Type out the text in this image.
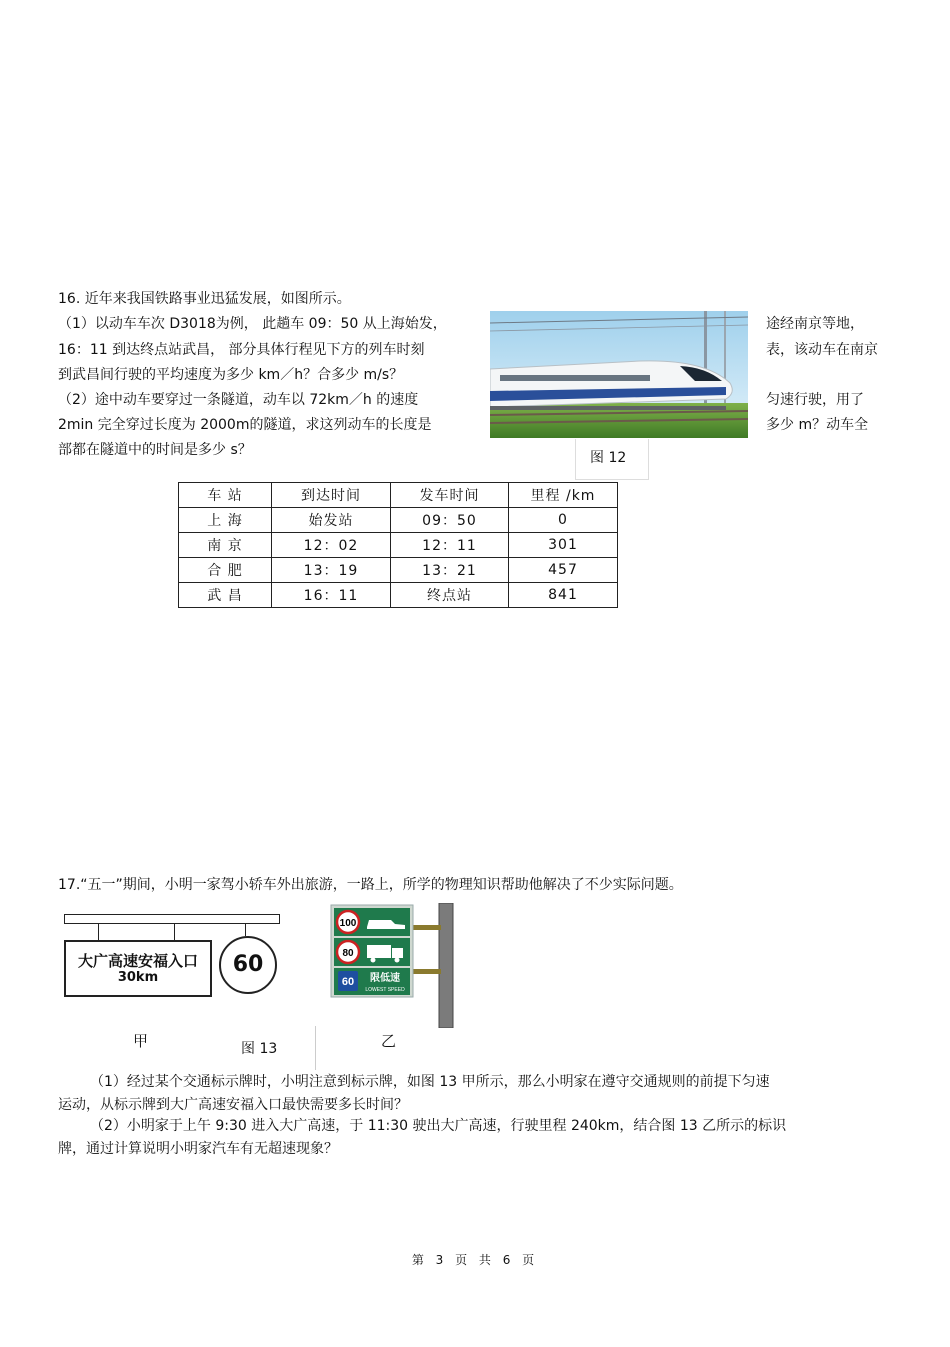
16. 近年来我国铁路事业迅猛发展，如图所示。
（1）以动车车次 D3018为例， 此趟车 09：50 从上海始发，	途经南京等地，
16：11 到达终点站武昌， 部分具体行程见下方的列车时刻	表，该动车在南京
到武昌间行驶的平均速度为多少 km／h？合多少 m/s？
（2）途中动车要穿过一条隧道，动车以 72km／h 的速度	匀速行驶，用了
2min 完全穿过长度为 2000m的隧道，求这列动车的长度是	多少 m？动车全
部都在隧道中的时间是多少 s？	图 12
车 站	到达时间	发车时间	里程 /km
上 海	始发站	09：50	0
南 京	12：02	12：11	301
合 肥	13：19	13：21	457
武 昌	16：11	终点站	841
17.“五一”期间，小明一家驾小轿车外出旅游，一路上，所学的物理知识帮助他解决了不少实际问题。
大广高速安福入口
30km
60
甲	图 13
100
80
60 限低速
LOWEST SPEED
乙
（1）经过某个交通标示牌时，小明注意到标示牌，如图 13 甲所示，那么小明家在遵守交通规则的前提下匀速
运动，从标示牌到大广高速安福入口最快需要多长时间？
（2）小明家于上午 9:30 进入大广高速，于 11:30 驶出大广高速，行驶里程 240km，结合图 13 乙所示的标识
牌，通过计算说明小明家汽车有无超速现象？
第 3 页 共 6 页
